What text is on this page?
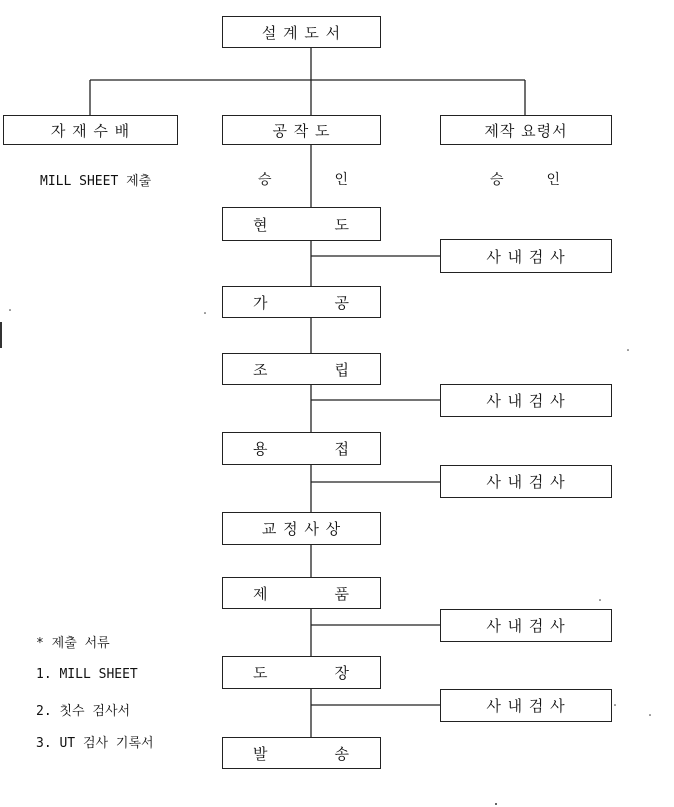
설 계 도 서
자 재 수 배	공 작 도	제작 요령서
MILL SHEET 제출	승	인	승	인
현	도
가	공
조	립
용	접
교 정 사 상
제	품
도	장
발	송
사 내 검 사
사 내 검 사
사 내 검 사
사 내 검 사
사 내 검 사
* 제출 서류
1. MILL SHEET
2. 칫수 검사서
3. UT 검사 기록서
